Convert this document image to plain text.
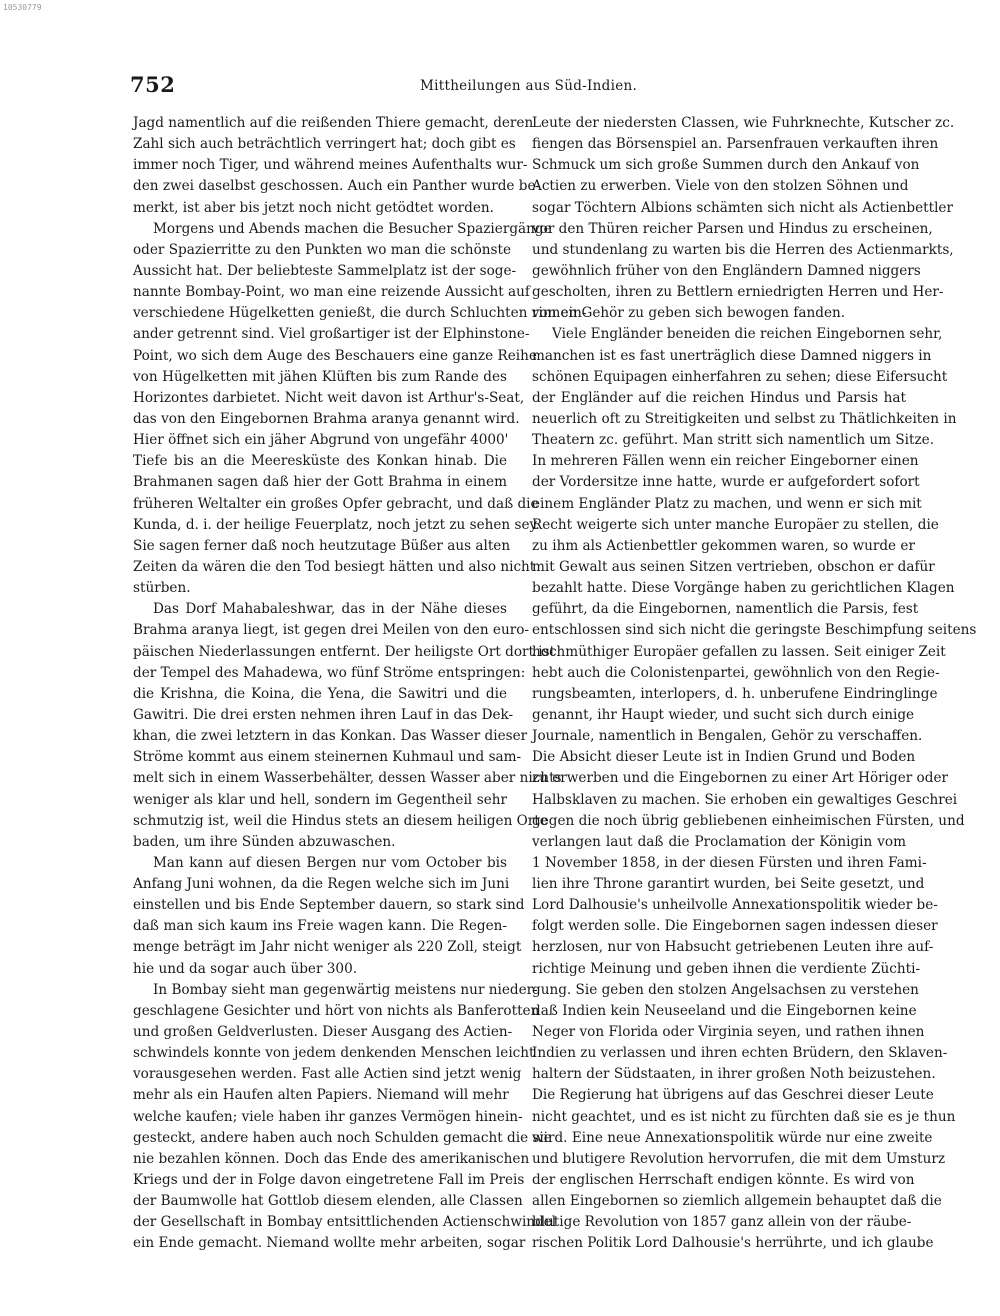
10530779
752	Mittheilungen aus Süd-Indien.
Jagd namentlich auf die reißenden Thiere gemacht, deren
Zahl sich auch beträchtlich verringert hat; doch gibt es
immer noch Tiger, und während meines Aufenthalts wur-
den zwei daselbst geschossen. Auch ein Panther wurde be-
merkt, ist aber bis jetzt noch nicht getödtet worden.
Morgens und Abends machen die Besucher Spaziergänge
oder Spazierritte zu den Punkten wo man die schönste
Aussicht hat. Der beliebteste Sammelplatz ist der soge-
nannte Bombay-Point, wo man eine reizende Aussicht auf
verschiedene Hügelketten genießt, die durch Schluchten von ein-
ander getrennt sind. Viel großartiger ist der Elphinstone-
Point, wo sich dem Auge des Beschauers eine ganze Reihe
von Hügelketten mit jähen Klüften bis zum Rande des
Horizontes darbietet. Nicht weit davon ist Arthur's-Seat,
das von den Eingebornen Brahma aranya genannt wird.
Hier öffnet sich ein jäher Abgrund von ungefähr 4000'
Tiefe bis an die Meeresküste des Konkan hinab. Die
Brahmanen sagen daß hier der Gott Brahma in einem
früheren Weltalter ein großes Opfer gebracht, und daß die
Kunda, d. i. der heilige Feuerplatz, noch jetzt zu sehen sey.
Sie sagen ferner daß noch heutzutage Büßer aus alten
Zeiten da wären die den Tod besiegt hätten und also nicht
stürben.
Das Dorf Mahabaleshwar, das in der Nähe dieses
Brahma aranya liegt, ist gegen drei Meilen von den euro-
päischen Niederlassungen entfernt. Der heiligste Ort dort ist
der Tempel des Mahadewa, wo fünf Ströme entspringen:
die Krishna, die Koina, die Yena, die Sawitri und die
Gawitri. Die drei ersten nehmen ihren Lauf in das Dek-
khan, die zwei letztern in das Konkan. Das Wasser dieser
Ströme kommt aus einem steinernen Kuhmaul und sam-
melt sich in einem Wasserbehälter, dessen Wasser aber nichts
weniger als klar und hell, sondern im Gegentheil sehr
schmutzig ist, weil die Hindus stets an diesem heiligen Orte
baden, um ihre Sünden abzuwaschen.
Man kann auf diesen Bergen nur vom October bis
Anfang Juni wohnen, da die Regen welche sich im Juni
einstellen und bis Ende September dauern, so stark sind
daß man sich kaum ins Freie wagen kann. Die Regen-
menge beträgt im Jahr nicht weniger als 220 Zoll, steigt
hie und da sogar auch über 300.
In Bombay sieht man gegenwärtig meistens nur nieder-
geschlagene Gesichter und hört von nichts als Banferotten
und großen Geldverlusten. Dieser Ausgang des Actien-
schwindels konnte von jedem denkenden Menschen leicht
vorausgesehen werden. Fast alle Actien sind jetzt wenig
mehr als ein Haufen alten Papiers. Niemand will mehr
welche kaufen; viele haben ihr ganzes Vermögen hinein-
gesteckt, andere haben auch noch Schulden gemacht die sie
nie bezahlen können. Doch das Ende des amerikanischen
Kriegs und der in Folge davon eingetretene Fall im Preis
der Baumwolle hat Gottlob diesem elenden, alle Classen
der Gesellschaft in Bombay entsittlichenden Actienschwindel
ein Ende gemacht. Niemand wollte mehr arbeiten, sogar
Leute der niedersten Classen, wie Fuhrknechte, Kutscher zc.
fiengen das Börsenspiel an. Parsenfrauen verkauften ihren
Schmuck um sich große Summen durch den Ankauf von
Actien zu erwerben. Viele von den stolzen Söhnen und
sogar Töchtern Albions schämten sich nicht als Actienbettler
vor den Thüren reicher Parsen und Hindus zu erscheinen,
und stundenlang zu warten bis die Herren des Actienmarkts,
gewöhnlich früher von den Engländern Damned niggers
gescholten, ihren zu Bettlern erniedrigten Herren und Her-
rinnen Gehör zu geben sich bewogen fanden.
Viele Engländer beneiden die reichen Eingebornen sehr,
manchen ist es fast unerträglich diese Damned niggers in
schönen Equipagen einherfahren zu sehen; diese Eifersucht
der Engländer auf die reichen Hindus und Parsis hat
neuerlich oft zu Streitigkeiten und selbst zu Thätlichkeiten in
Theatern zc. geführt. Man stritt sich namentlich um Sitze.
In mehreren Fällen wenn ein reicher Eingeborner einen
der Vordersitze inne hatte, wurde er aufgefordert sofort
einem Engländer Platz zu machen, und wenn er sich mit
Recht weigerte sich unter manche Europäer zu stellen, die
zu ihm als Actienbettler gekommen waren, so wurde er
mit Gewalt aus seinen Sitzen vertrieben, obschon er dafür
bezahlt hatte. Diese Vorgänge haben zu gerichtlichen Klagen
geführt, da die Eingebornen, namentlich die Parsis, fest
entschlossen sind sich nicht die geringste Beschimpfung seitens
hochmüthiger Europäer gefallen zu lassen. Seit einiger Zeit
hebt auch die Colonistenpartei, gewöhnlich von den Regie-
rungsbeamten, interlopers, d. h. unberufene Eindringlinge
genannt, ihr Haupt wieder, und sucht sich durch einige
Journale, namentlich in Bengalen, Gehör zu verschaffen.
Die Absicht dieser Leute ist in Indien Grund und Boden
zu erwerben und die Eingebornen zu einer Art Höriger oder
Halbsklaven zu machen. Sie erhoben ein gewaltiges Geschrei
gegen die noch übrig gebliebenen einheimischen Fürsten, und
verlangen laut daß die Proclamation der Königin vom
1 November 1858, in der diesen Fürsten und ihren Fami-
lien ihre Throne garantirt wurden, bei Seite gesetzt, und
Lord Dalhousie's unheilvolle Annexationspolitik wieder be-
folgt werden solle. Die Eingebornen sagen indessen dieser
herzlosen, nur von Habsucht getriebenen Leuten ihre auf-
richtige Meinung und geben ihnen die verdiente Züchti-
gung. Sie geben den stolzen Angelsachsen zu verstehen
daß Indien kein Neuseeland und die Eingebornen keine
Neger von Florida oder Virginia seyen, und rathen ihnen
Indien zu verlassen und ihren echten Brüdern, den Sklaven-
haltern der Südstaaten, in ihrer großen Noth beizustehen.
Die Regierung hat übrigens auf das Geschrei dieser Leute
nicht geachtet, und es ist nicht zu fürchten daß sie es je thun
wird. Eine neue Annexationspolitik würde nur eine zweite
und blutigere Revolution hervorrufen, die mit dem Umsturz
der englischen Herrschaft endigen könnte. Es wird von
allen Eingebornen so ziemlich allgemein behauptet daß die
blutige Revolution von 1857 ganz allein von der räube-
rischen Politik Lord Dalhousie's herrührte, und ich glaube
